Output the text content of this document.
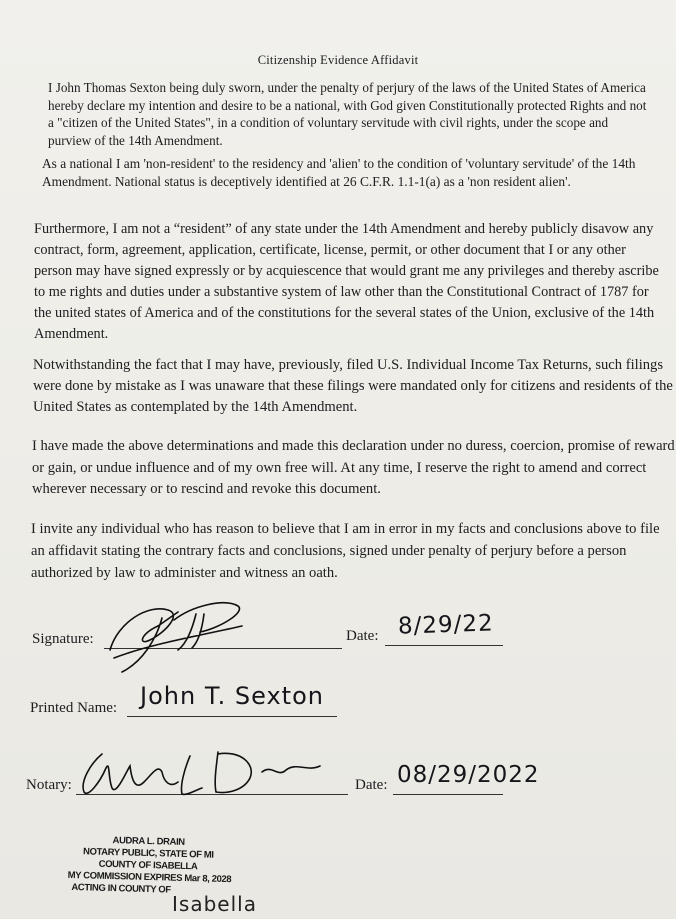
Citizenship Evidence Affidavit

I John Thomas Sexton being duly sworn, under the penalty of perjury of the laws of the United States of America hereby declare my intention and desire to be a national, with God given Constitutionally protected Rights and not a "citizen of the United States", in a condition of voluntary servitude with civil rights, under the scope and purview of the 14th Amendment.

As a national I am 'non-resident' to the residency and 'alien' to the condition of 'voluntary servitude' of the 14th Amendment. National status is deceptively identified at 26 C.F.R. 1.1-1(a) as a 'non resident alien'.

Furthermore, I am not a “resident” of any state under the 14th Amendment and hereby publicly disavow any contract, form, agreement, application, certificate, license, permit, or other document that I or any other person may have signed expressly or by acquiescence that would grant me any privileges and thereby ascribe to me rights and duties under a substantive system of law other than the Constitutional Contract of 1787 for the united states of America and of the constitutions for the several states of the Union, exclusive of the 14th Amendment.

Notwithstanding the fact that I may have, previously, filed U.S. Individual Income Tax Returns, such filings were done by mistake as I was unaware that these filings were mandated only for citizens and residents of the United States as contemplated by the 14th Amendment.

I have made the above determinations and made this declaration under no duress, coercion, promise of reward or gain, or undue influence and of my own free will. At any time, I reserve the right to amend and correct wherever necessary or to rescind and revoke this document.

I invite any individual who has reason to believe that I am in error in my facts and conclusions above to file an affidavit stating the contrary facts and conclusions, signed under penalty of perjury before a person authorized by law to administer and witness an oath.

Signature:	Date: 8/29/22
Printed Name: John T. Sexton
Notary:	Date: 08/29/2022
AUDRA L. DRAIN
NOTARY PUBLIC, STATE OF MI
COUNTY OF ISABELLA
MY COMMISSION EXPIRES Mar 8, 2028
ACTING IN COUNTY OF
Isabella
